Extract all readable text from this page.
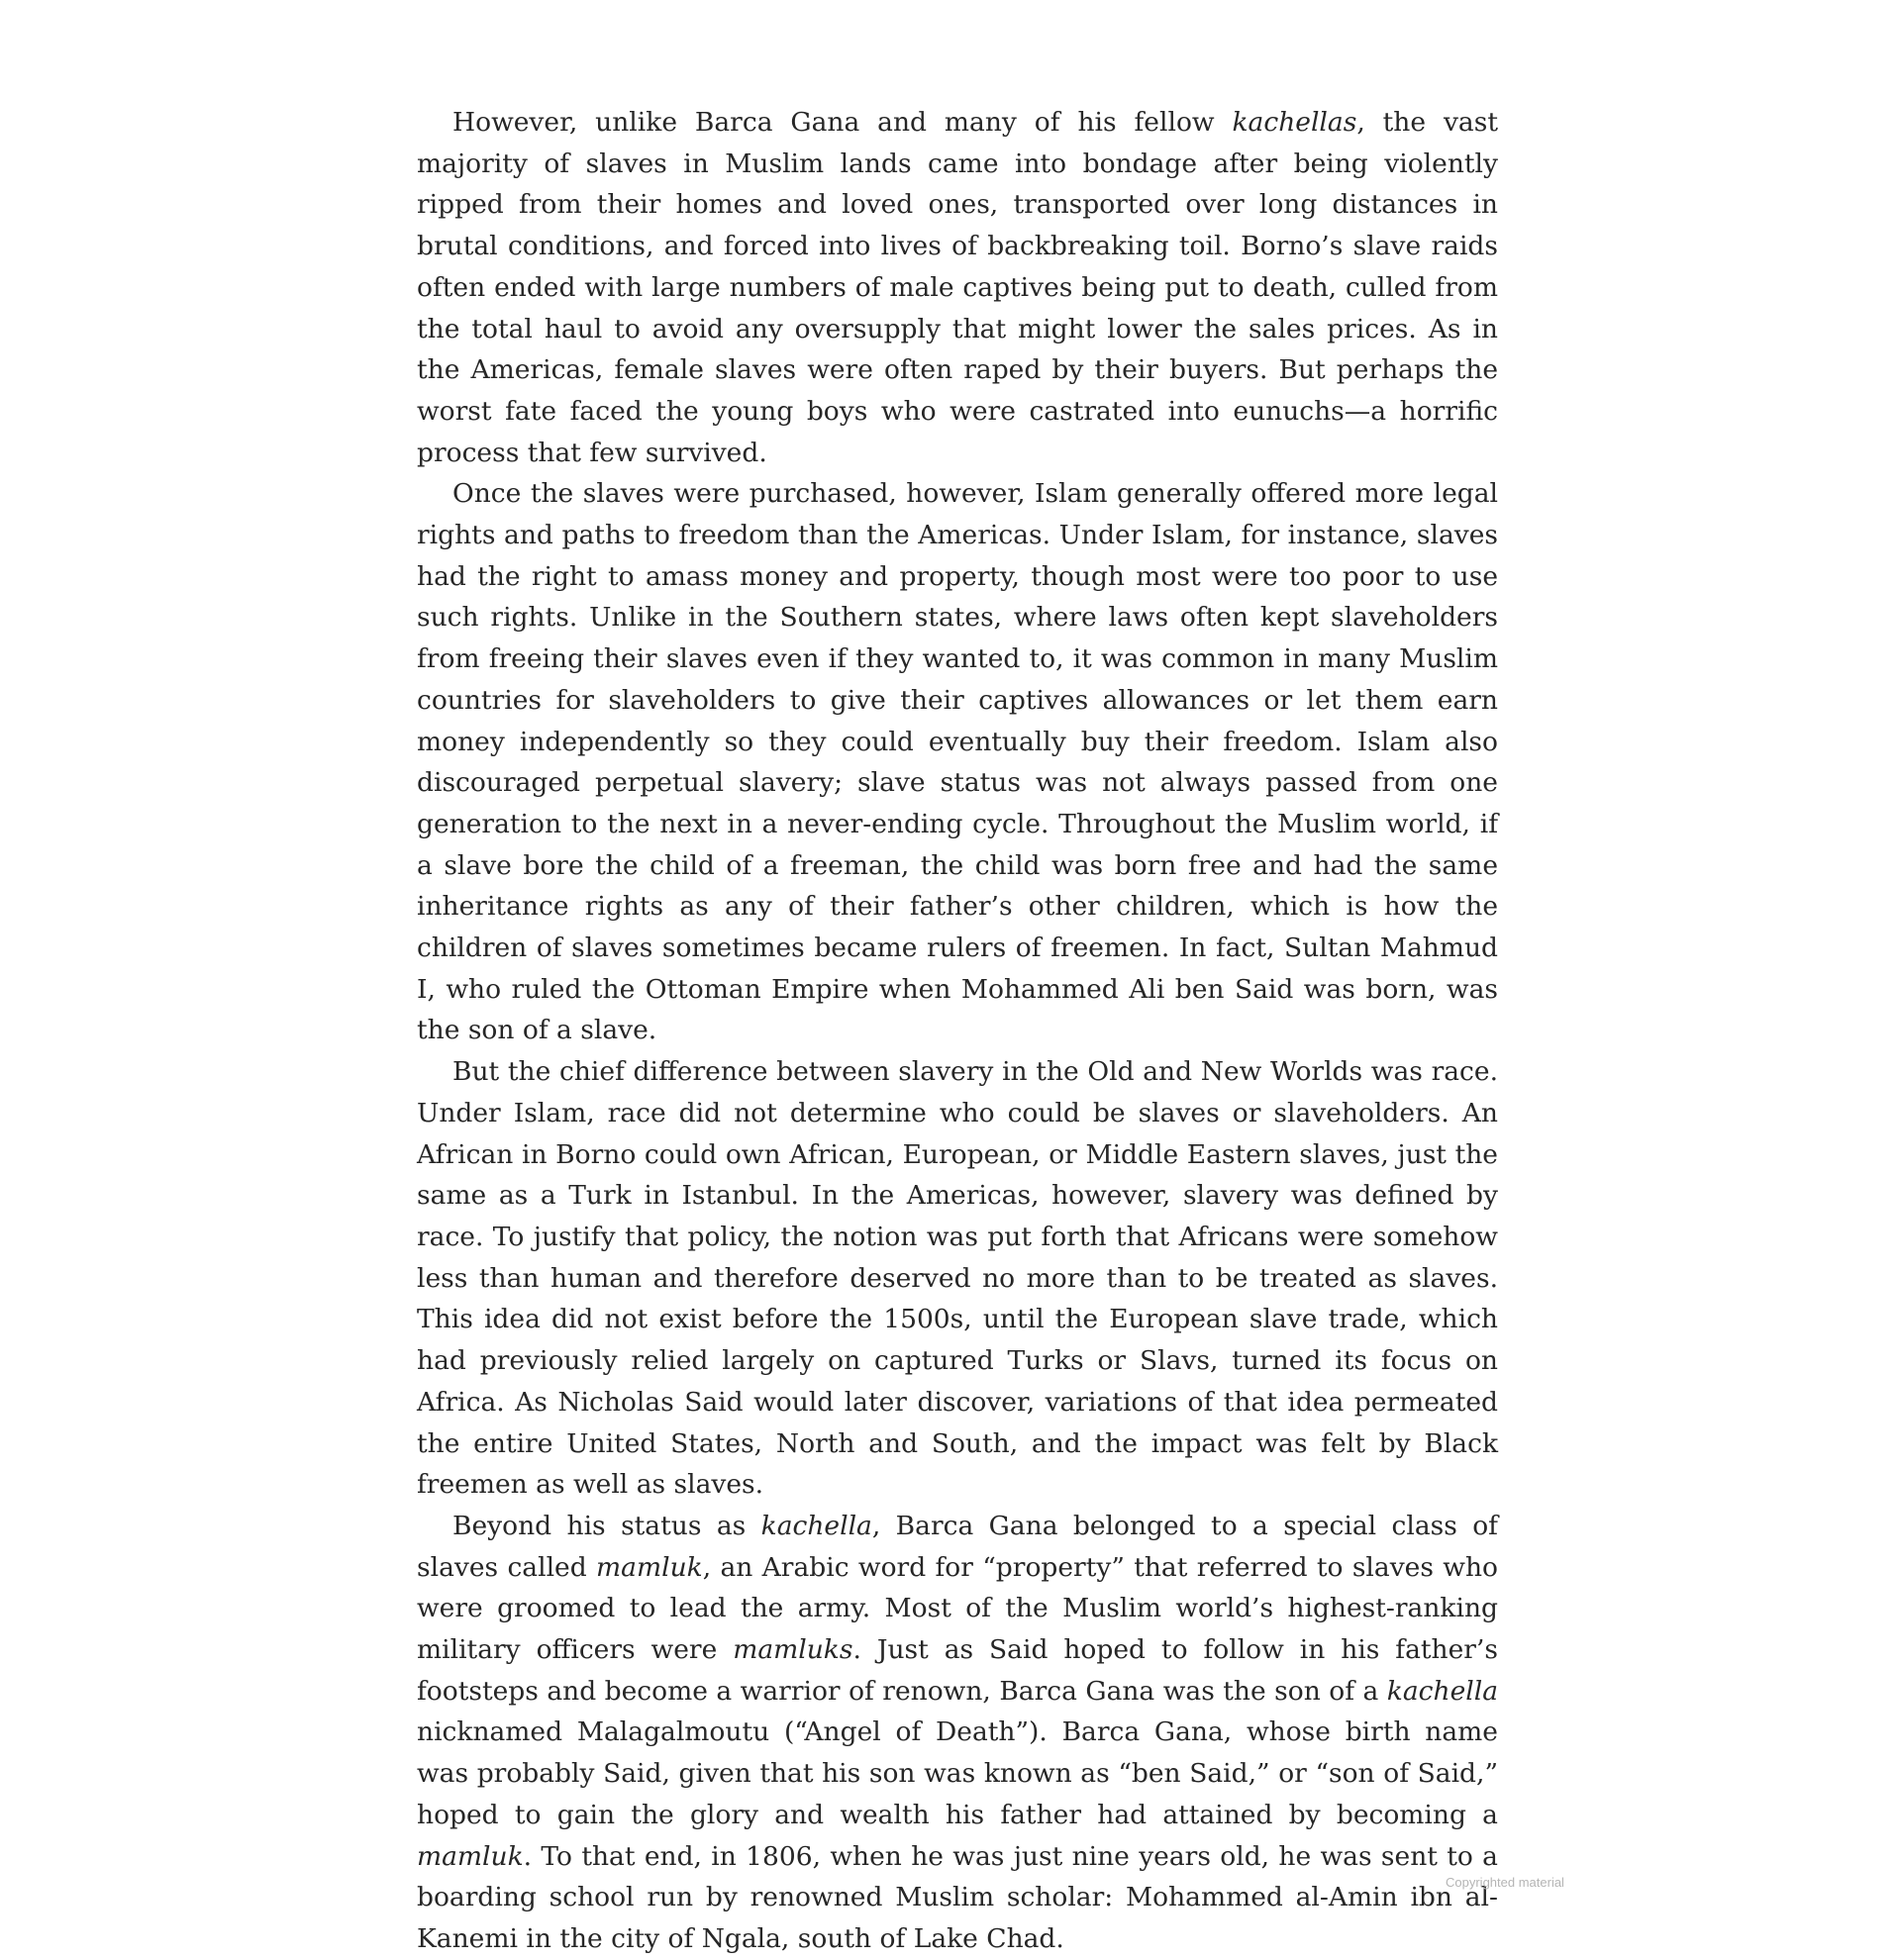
However, unlike Barca Gana and many of his fellow kachellas, the vast majority of slaves in Muslim lands came into bondage after being violently ripped from their homes and loved ones, transported over long distances in brutal conditions, and forced into lives of backbreaking toil. Borno’s slave raids often ended with large numbers of male captives being put to death, culled from the total haul to avoid any oversupply that might lower the sales prices. As in the Americas, female slaves were often raped by their buyers. But perhaps the worst fate faced the young boys who were castrated into eunuchs—a horrific process that few survived.

Once the slaves were purchased, however, Islam generally offered more legal rights and paths to freedom than the Americas. Under Islam, for instance, slaves had the right to amass money and property, though most were too poor to use such rights. Unlike in the Southern states, where laws often kept slaveholders from freeing their slaves even if they wanted to, it was common in many Muslim countries for slaveholders to give their captives allowances or let them earn money independently so they could eventually buy their freedom. Islam also discouraged perpetual slavery; slave status was not always passed from one generation to the next in a never-ending cycle. Throughout the Muslim world, if a slave bore the child of a freeman, the child was born free and had the same inheritance rights as any of their father’s other children, which is how the children of slaves sometimes became rulers of freemen. In fact, Sultan Mahmud I, who ruled the Ottoman Empire when Mohammed Ali ben Said was born, was the son of a slave.

But the chief difference between slavery in the Old and New Worlds was race. Under Islam, race did not determine who could be slaves or slaveholders. An African in Borno could own African, European, or Middle Eastern slaves, just the same as a Turk in Istanbul. In the Americas, however, slavery was defined by race. To justify that policy, the notion was put forth that Africans were somehow less than human and therefore deserved no more than to be treated as slaves. This idea did not exist before the 1500s, until the European slave trade, which had previously relied largely on captured Turks or Slavs, turned its focus on Africa. As Nicholas Said would later discover, variations of that idea permeated the entire United States, North and South, and the impact was felt by Black freemen as well as slaves.

Beyond his status as kachella, Barca Gana belonged to a special class of slaves called mamluk, an Arabic word for “property” that referred to slaves who were groomed to lead the army. Most of the Muslim world’s highest-ranking military officers were mamluks. Just as Said hoped to follow in his father’s footsteps and become a warrior of renown, Barca Gana was the son of a kachella nicknamed Malagalmoutu (“Angel of Death”). Barca Gana, whose birth name was probably Said, given that his son was known as “ben Said,” or “son of Said,” hoped to gain the glory and wealth his father had attained by becoming a mamluk. To that end, in 1806, when he was just nine years old, he was sent to a boarding school run by renowned Muslim scholar: Mohammed al-Amin ibn al-Kanemi in the city of Ngala, south of Lake Chad.

Copyrighted material
